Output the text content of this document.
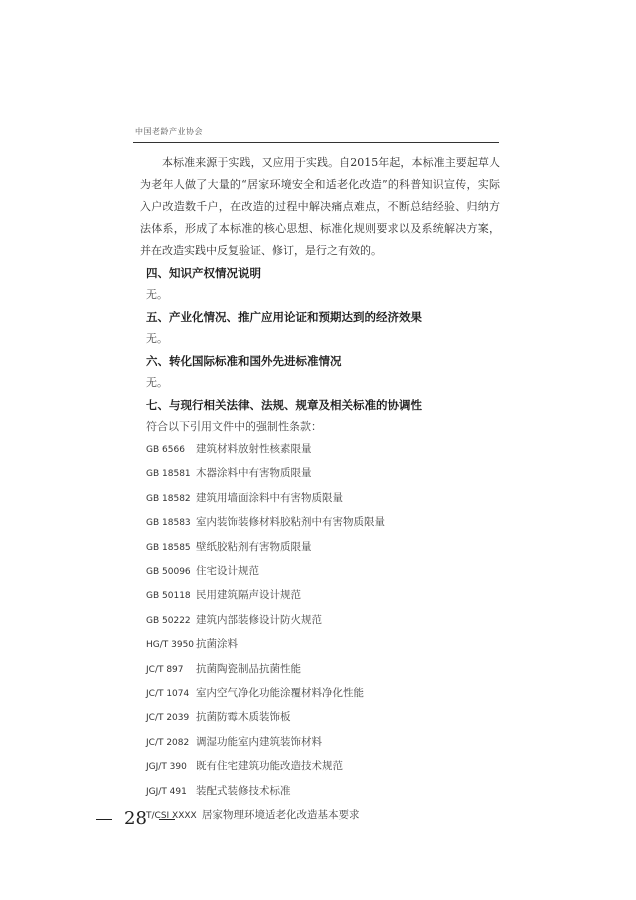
中国老龄产业协会

本标准来源于实践，又应用于实践。自2015年起，本标准主要起草人为老年人做了大量的“居家环境安全和适老化改造”的科普知识宣传，实际入户改造数千户，在改造的过程中解决痛点难点，不断总结经验、归纳方法体系，形成了本标准的核心思想、标准化规则要求以及系统解决方案，并在改造实践中反复验证、修订，是行之有效的。

四、知识产权情况说明

无。

五、产业化情况、推广应用论证和预期达到的经济效果

无。

六、转化国际标准和国外先进标准情况

无。

七、与现行相关法律、法规、规章及相关标准的协调性

符合以下引用文件中的强制性条款：

GB 6566 建筑材料放射性核素限量
GB 18581 木器涂料中有害物质限量
GB 18582 建筑用墙面涂料中有害物质限量
GB 18583 室内装饰装修材料胶粘剂中有害物质限量
GB 18585 壁纸胶粘剂有害物质限量
GB 50096 住宅设计规范
GB 50118 民用建筑隔声设计规范
GB 50222 建筑内部装修设计防火规范
HG/T 3950 抗菌涂料
JC/T 897 抗菌陶瓷制品抗菌性能
JC/T 1074 室内空气净化功能涂覆材料净化性能
JC/T 2039 抗菌防霉木质装饰板
JC/T 2082 调湿功能室内建筑装饰材料
JGJ/T 390 既有住宅建筑功能改造技术规范
JGJ/T 491 装配式装修技术标准
T/CSI XXXX 居家物理环境适老化改造基本要求
28
